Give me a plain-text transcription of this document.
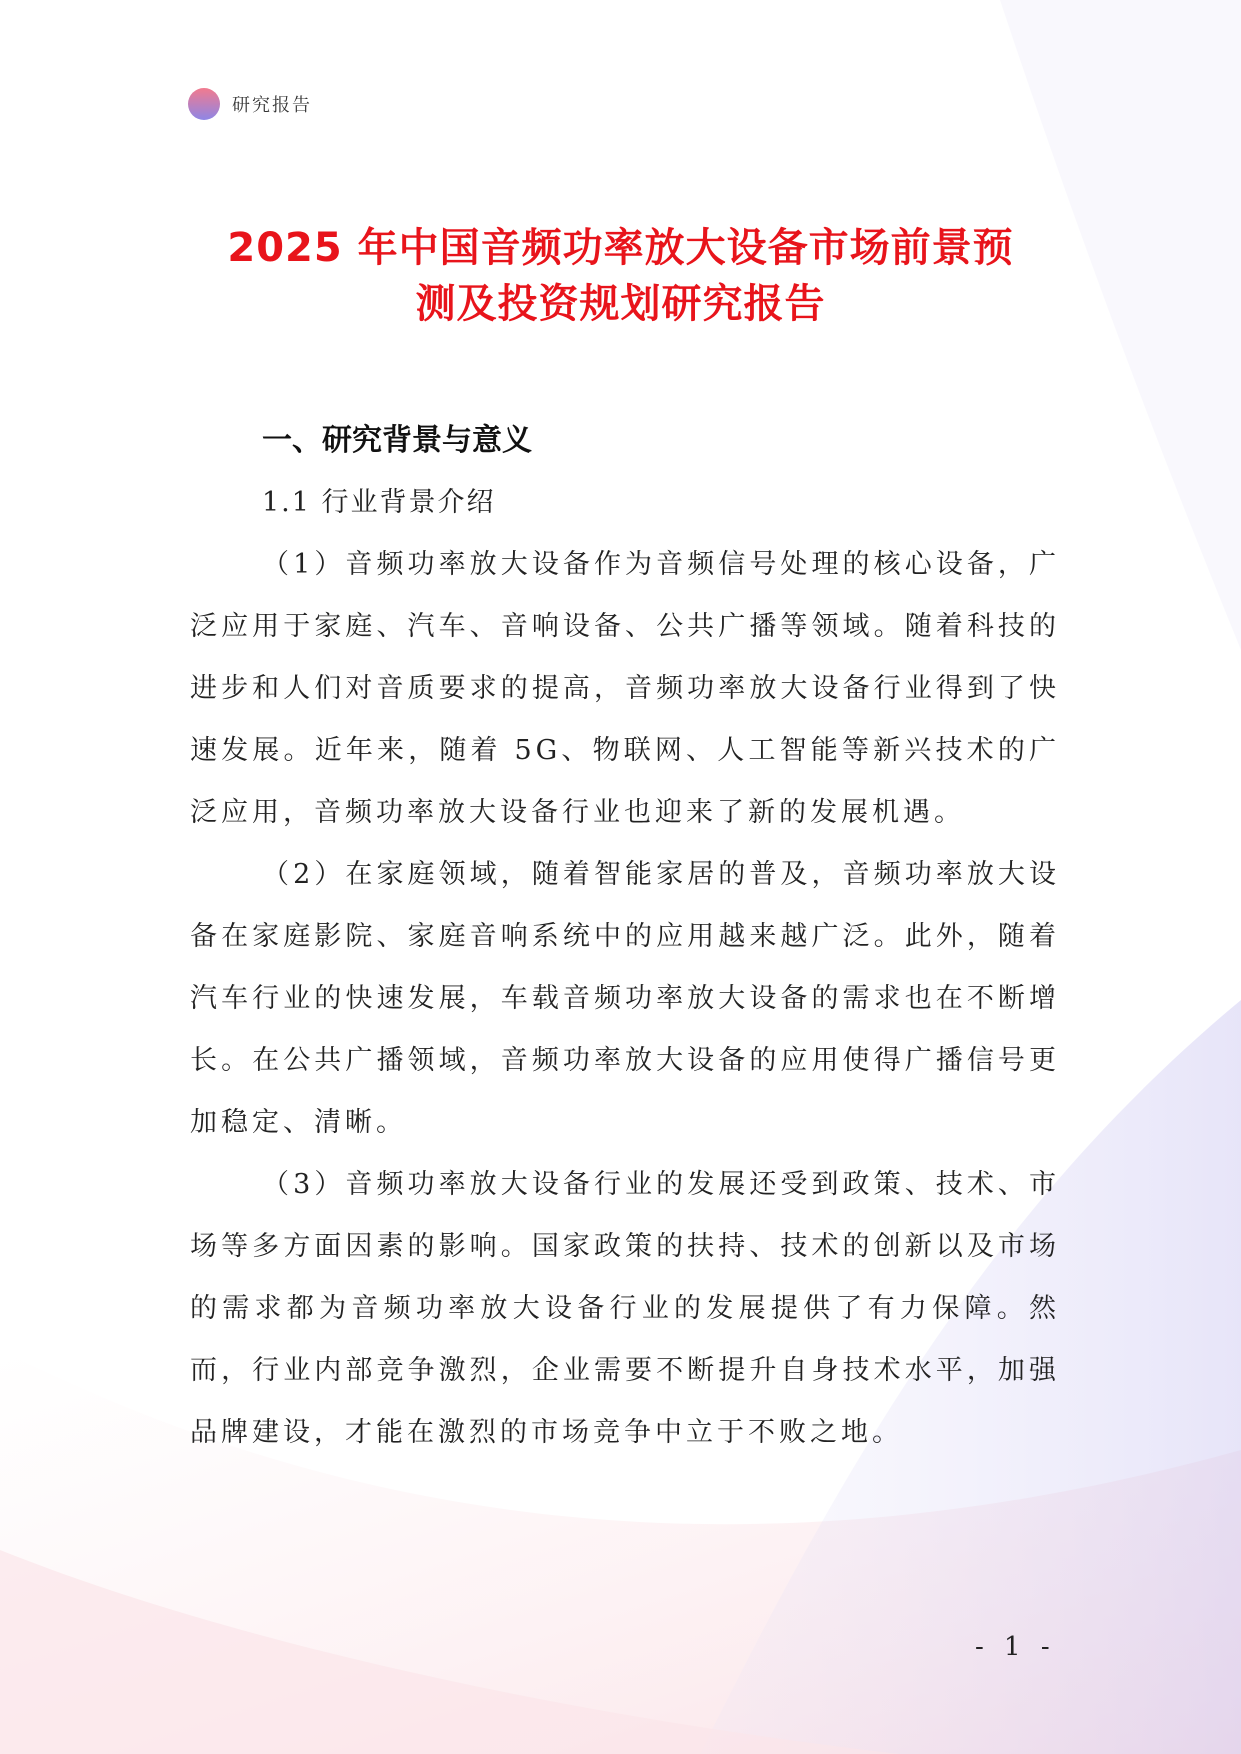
研究报告
2025 年中国音频功率放大设备市场前景预
测及投资规划研究报告

一、研究背景与意义

1.1 行业背景介绍

（1）音频功率放大设备作为音频信号处理的核心设备，广泛应用于家庭、汽车、音响设备、公共广播等领域。随着科技的进步和人们对音质要求的提高，音频功率放大设备行业得到了快速发展。近年来，随着 5G、物联网、人工智能等新兴技术的广泛应用，音频功率放大设备行业也迎来了新的发展机遇。

（2）在家庭领域，随着智能家居的普及，音频功率放大设备在家庭影院、家庭音响系统中的应用越来越广泛。此外，随着汽车行业的快速发展，车载音频功率放大设备的需求也在不断增长。在公共广播领域，音频功率放大设备的应用使得广播信号更加稳定、清晰。

（3）音频功率放大设备行业的发展还受到政策、技术、市场等多方面因素的影响。国家政策的扶持、技术的创新以及市场的需求都为音频功率放大设备行业的发展提供了有力保障。然而，行业内部竞争激烈，企业需要不断提升自身技术水平，加强品牌建设，才能在激烈的市场竞争中立于不败之地。

- 1 -
